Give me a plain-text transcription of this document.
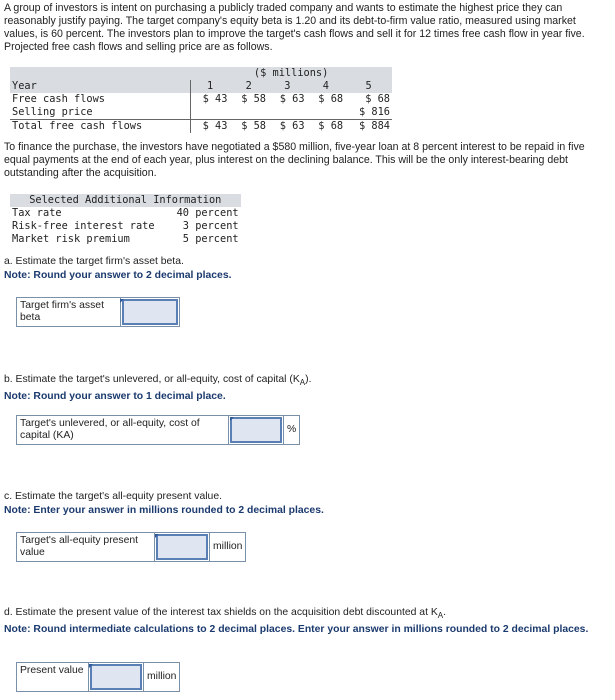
A group of investors is intent on purchasing a publicly traded company and wants to estimate the highest price they can reasonably justify paying. The target company's equity beta is 1.20 and its debt-to-firm value ratio, measured using market values, is 60 percent. The investors plan to improve the target's cash flows and sell it for 12 times free cash flow in year five. Projected free cash flows and selling price are as follows.

	($ millions)				
Year	1	2	3	4	5
Free cash flows	$ 43	$ 58	$ 63	$ 68	$ 68
Selling price					$ 816
Total free cash flows	$ 43	$ 58	$ 63	$ 68	$ 884

To finance the purchase, the investors have negotiated a $580 million, five-year loan at 8 percent interest to be repaid in five equal payments at the end of each year, plus interest on the declining balance. This will be the only interest-bearing debt outstanding after the acquisition.

Selected Additional Information	
Tax rate	40 percent
Risk-free interest rate	3 percent
Market risk premium	5 percent
a. Estimate the target firm's asset beta.
Note: Round your answer to 2 decimal places.
Target firm's asset beta
b. Estimate the target's unlevered, or all-equity, cost of capital $(K_A)$.
Note: Round your answer to 1 decimal place.
Target's unlevered, or all-equity, cost of capital (KA)
%
c. Estimate the target's all-equity present value.
Note: Enter your answer in millions rounded to 2 decimal places.
Target's all-equity present value
million
d. Estimate the present value of the interest tax shields on the acquisition debt discounted at $K_A$.
Note: Round intermediate calculations to 2 decimal places. Enter your answer in millions rounded to 2 decimal places.
Present value
million
